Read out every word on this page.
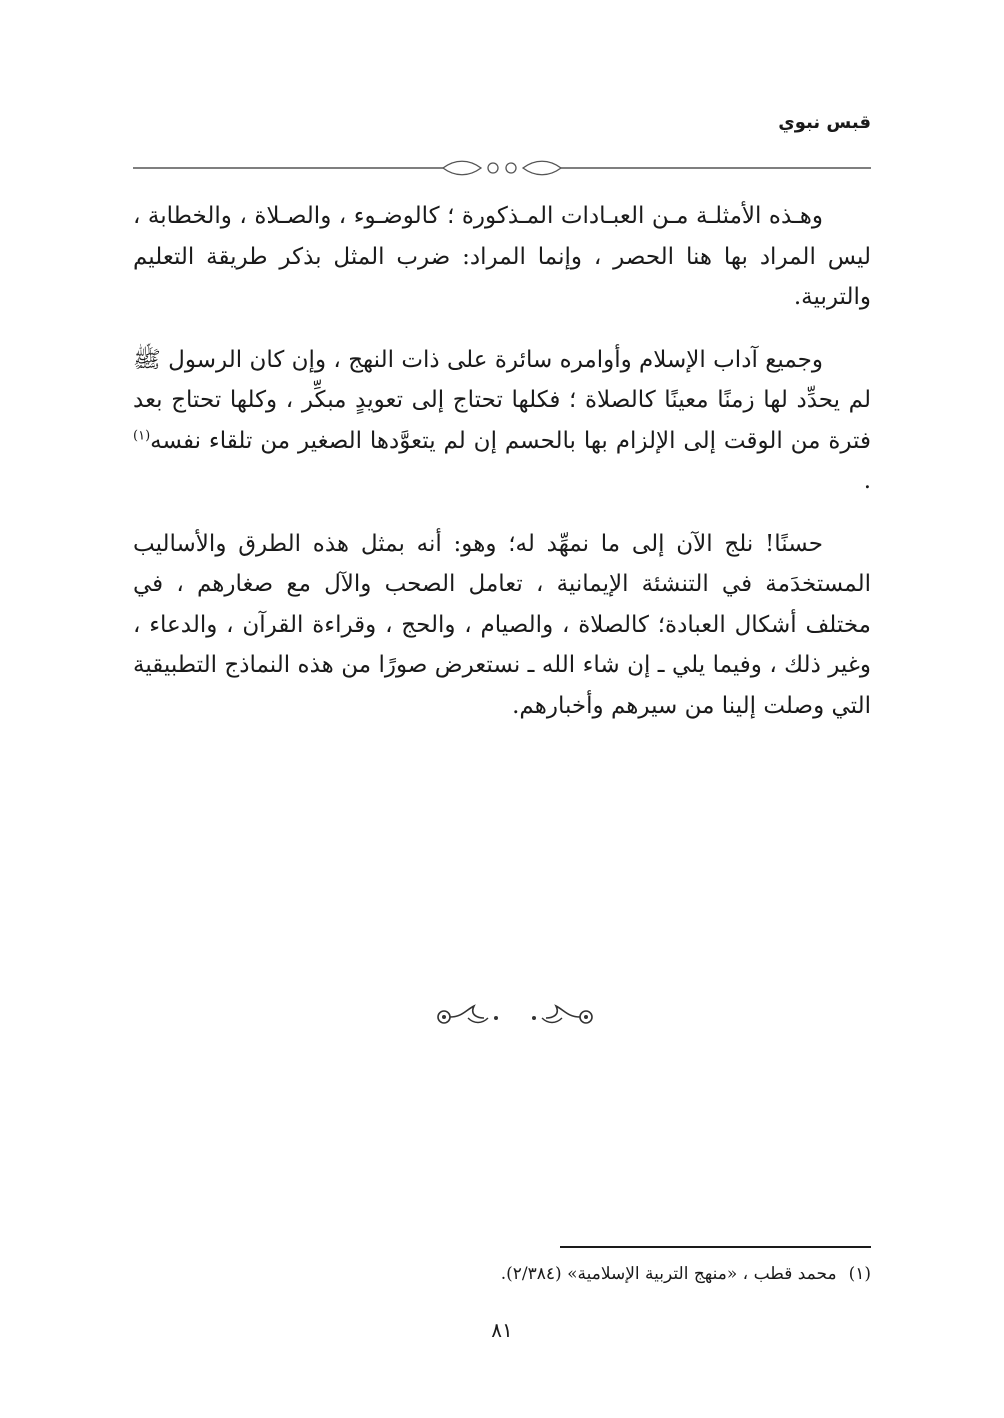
قبس نبوي

وهـذه الأمثلـة مـن العبـادات المـذكورة ؛ كالوضـوء ، والصـلاة ، والخطابة ، ليس المراد بها هنا الحصر ، وإنما المراد: ضرب المثل بذكر طريقة التعليم والتربية.

وجميع آداب الإسلام وأوامره سائرة على ذات النهج ، وإن كان الرسول ﷺ لم يحدِّد لها زمنًا معينًا كالصلاة ؛ فكلها تحتاج إلى تعويدٍ مبكِّر ، وكلها تحتاج بعد فترة من الوقت إلى الإلزام بها بالحسم إن لم يتعوَّدها الصغير من تلقاء نفسه$^{(١)}$ .

حسنًا! نلج الآن إلى ما نمهِّد له؛ وهو: أنه بمثل هذه الطرق والأساليب المستخدَمة في التنشئة الإيمانية ، تعامل الصحب والآل مع صغارهم ، في مختلف أشكال العبادة؛ كالصلاة ، والصيام ، والحج ، وقراءة القرآن ، والدعاء ، وغير ذلك ، وفيما يلي ـ إن شاء الله ـ نستعرض صورًا من هذه النماذج التطبيقية التي وصلت إلينا من سيرهم وأخبارهم.

(١)محمد قطب ، «منهج التربية الإسلامية» (٢/٣٨٤).
٨١
